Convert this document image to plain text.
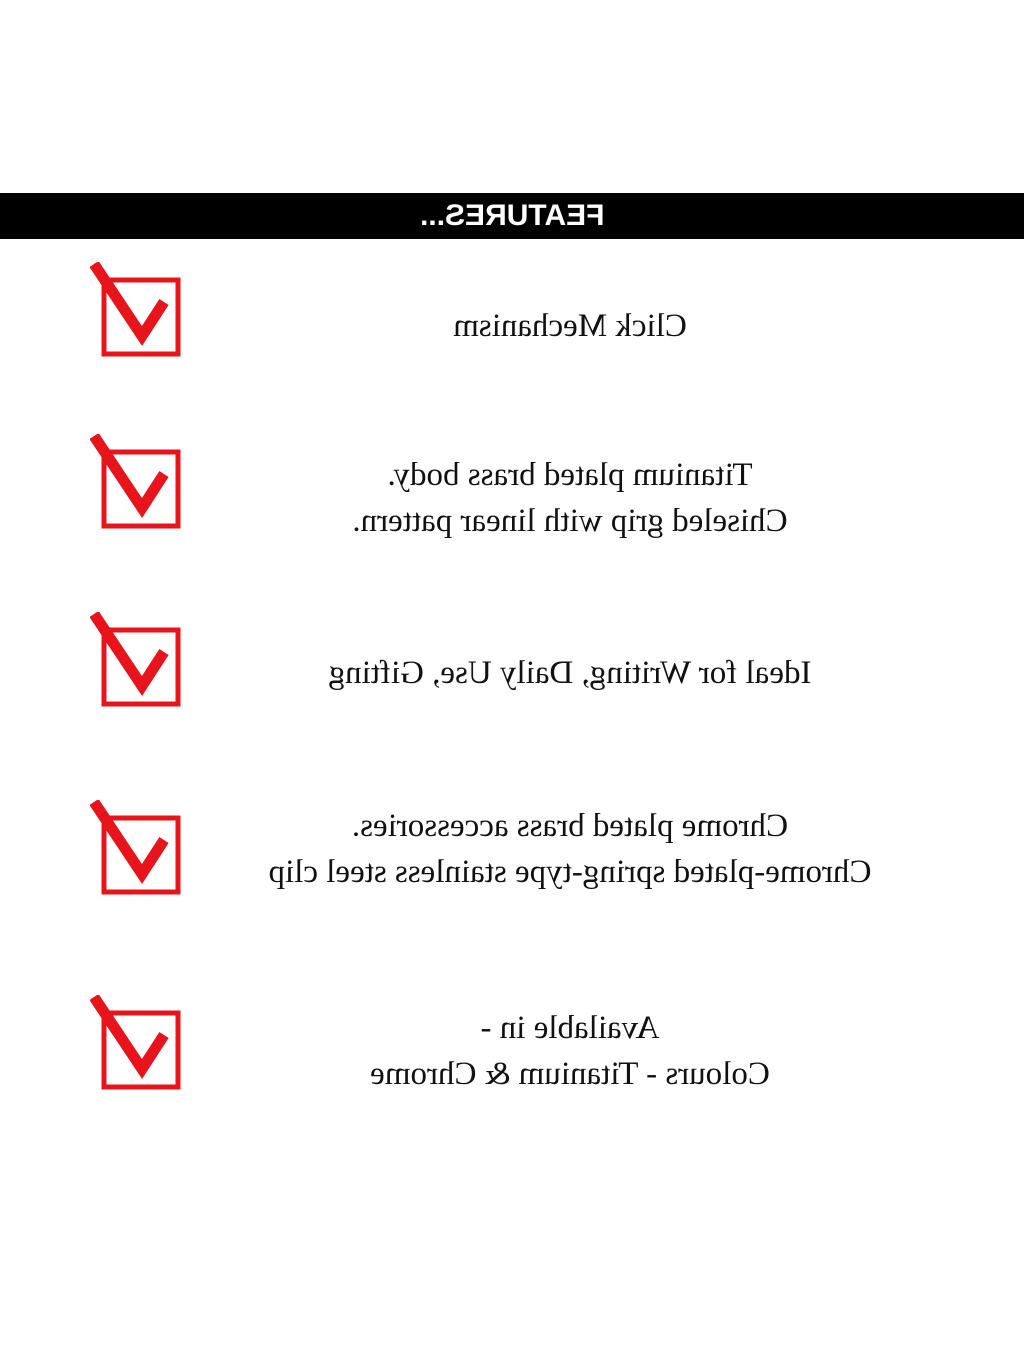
FEATURES...
Click Mechanism
Titanium plated brass body.
Chiseled grip with linear pattern.
Ideal for Writing, Daily Use, Gifting
Chrome plated brass accessories.
Chrome-plated spring-type stainless steel clip
Available in -
Colours - Titanium & Chrome
